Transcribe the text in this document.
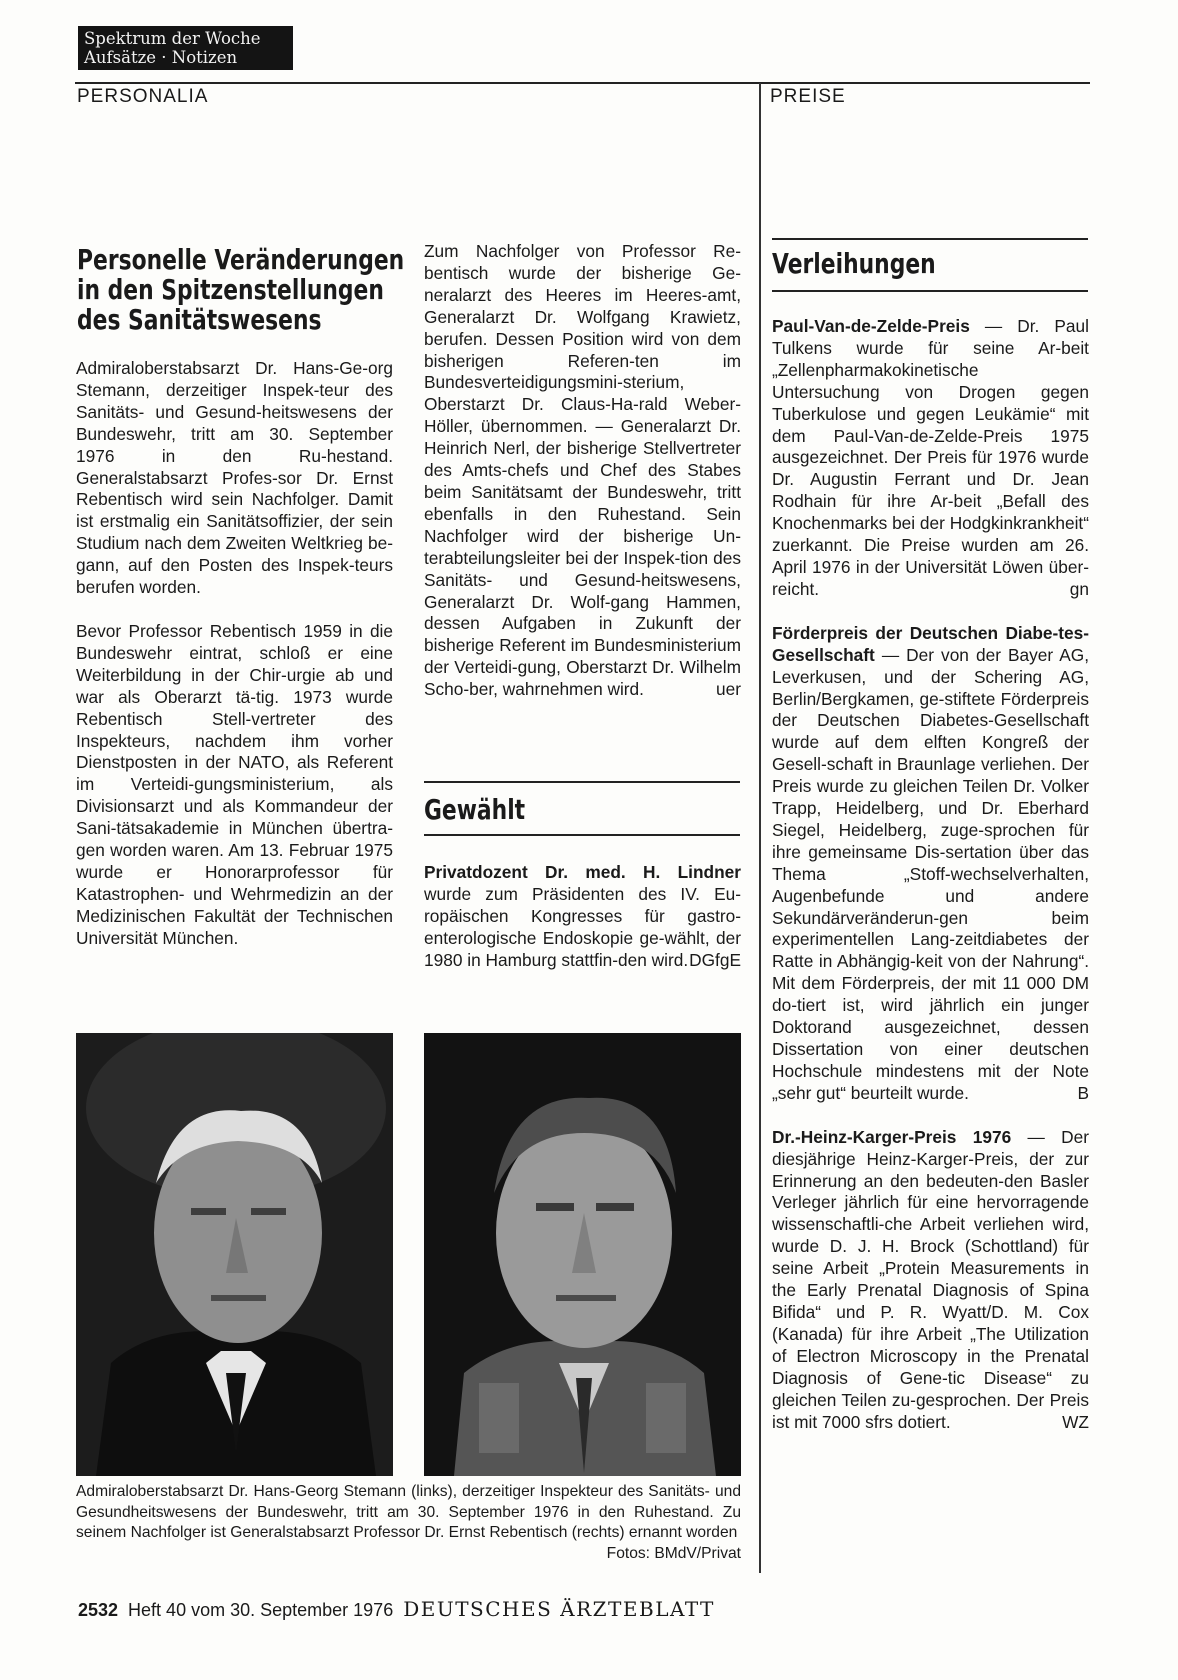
Spektrum der Woche
Aufsätze · Notizen
PERSONALIA	PREISE
Personelle Veränderungen
in den Spitzenstellungen
des Sanitätswesens

Admiraloberstabsarzt Dr. Hans-Ge-org Stemann, derzeitiger Inspek-teur des Sanitäts- und Gesund-heitswesens der Bundeswehr, tritt am 30. September 1976 in den Ru-hestand. Generalstabsarzt Profes-sor Dr. Ernst Rebentisch wird sein Nachfolger. Damit ist erstmalig ein Sanitätsoffizier, der sein Studium nach dem Zweiten Weltkrieg be-gann, auf den Posten des Inspek-teurs berufen worden.

Bevor Professor Rebentisch 1959 in die Bundeswehr eintrat, schloß er eine Weiterbildung in der Chir-urgie ab und war als Oberarzt tä-tig. 1973 wurde Rebentisch Stell-vertreter des Inspekteurs, nachdem ihm vorher Dienstposten in der NATO, als Referent im Verteidi-gungsministerium, als Divisionsarzt und als Kommandeur der Sani-tätsakademie in München übertra-gen worden waren. Am 13. Februar 1975 wurde er Honorarprofessor für Katastrophen- und Wehrmedizin an der Medizinischen Fakultät der Technischen Universität München.

Zum Nachfolger von Professor Re-bentisch wurde der bisherige Ge-neralarzt des Heeres im Heeres-amt, Generalarzt Dr. Wolfgang Krawietz, berufen. Dessen Position wird von dem bisherigen Referen-ten im Bundesverteidigungsmini-sterium, Oberstarzt Dr. Claus-Ha-rald Weber-Höller, übernommen. — Generalarzt Dr. Heinrich Nerl, der bisherige Stellvertreter des Amts-chefs und Chef des Stabes beim Sanitätsamt der Bundeswehr, tritt ebenfalls in den Ruhestand. Sein Nachfolger wird der bisherige Un-terabteilungsleiter bei der Inspek-tion des Sanitäts- und Gesund-heitswesens, Generalarzt Dr. Wolf-gang Hammen, dessen Aufgaben in Zukunft der bisherige Referent im Bundesministerium der Verteidi-gung, Oberstarzt Dr. Wilhelm Scho-ber, wahrnehmen wird.	uer

Gewählt

Privatdozent Dr. med. H. Lindner wurde zum Präsidenten des IV. Eu-ropäischen Kongresses für gastro-enterologische Endoskopie ge-wählt, der 1980 in Hamburg stattfin-den wird. DGfgE

Admiraloberstabsarzt Dr. Hans-Georg Stemann (links), derzeitiger Inspekteur des Sanitäts- und Gesundheitswesens der Bundeswehr, tritt am 30. September 1976 in den Ruhestand. Zu seinem Nachfolger ist Generalstabsarzt Professor Dr. Ernst Rebentisch (rechts) ernannt worden
Fotos: BMdV/Privat
Verleihungen

Paul-Van-de-Zelde-Preis — Dr. Paul Tulkens wurde für seine Ar-beit „Zellenpharmakokinetische Untersuchung von Drogen gegen Tuberkulose und gegen Leukämie“ mit dem Paul-Van-de-Zelde-Preis 1975 ausgezeichnet. Der Preis für 1976 wurde Dr. Augustin Ferrant und Dr. Jean Rodhain für ihre Ar-beit „Befall des Knochenmarks bei der Hodgkinkrankheit“ zuerkannt. Die Preise wurden am 26. April 1976 in der Universität Löwen über-reicht.	gn

Förderpreis der Deutschen Diabe-tes-Gesellschaft — Der von der Bayer AG, Leverkusen, und der Schering AG, Berlin/Bergkamen, ge-stiftete Förderpreis der Deutschen Diabetes-Gesellschaft wurde auf dem elften Kongreß der Gesell-schaft in Braunlage verliehen. Der Preis wurde zu gleichen Teilen Dr. Volker Trapp, Heidelberg, und Dr. Eberhard Siegel, Heidelberg, zuge-sprochen für ihre gemeinsame Dis-sertation über das Thema „Stoff-wechselverhalten, Augenbefunde und andere Sekundärveränderun-gen beim experimentellen Lang-zeitdiabetes der Ratte in Abhängig-keit von der Nahrung“. Mit dem Förderpreis, der mit 11 000 DM do-tiert ist, wird jährlich ein junger Doktorand ausgezeichnet, dessen Dissertation von einer deutschen Hochschule mindestens mit der Note „sehr gut“ beurteilt wurde.	B

Dr.-Heinz-Karger-Preis 1976 — Der diesjährige Heinz-Karger-Preis, der zur Erinnerung an den bedeuten-den Basler Verleger jährlich für eine hervorragende wissenschaftli-che Arbeit verliehen wird, wurde D. J. H. Brock (Schottland) für seine Arbeit „Protein Measurements in the Early Prenatal Diagnosis of Spina Bifida“ und P. R. Wyatt/D. M. Cox (Kanada) für ihre Arbeit „The Utilization of Electron Microscopy in the Prenatal Diagnosis of Gene-tic Disease“ zu gleichen Teilen zu-gesprochen. Der Preis ist mit 7000 sfrs dotiert.	WZ

2532 Heft 40 vom 30. September 1976 DEUTSCHES ÄRZTEBLATT
